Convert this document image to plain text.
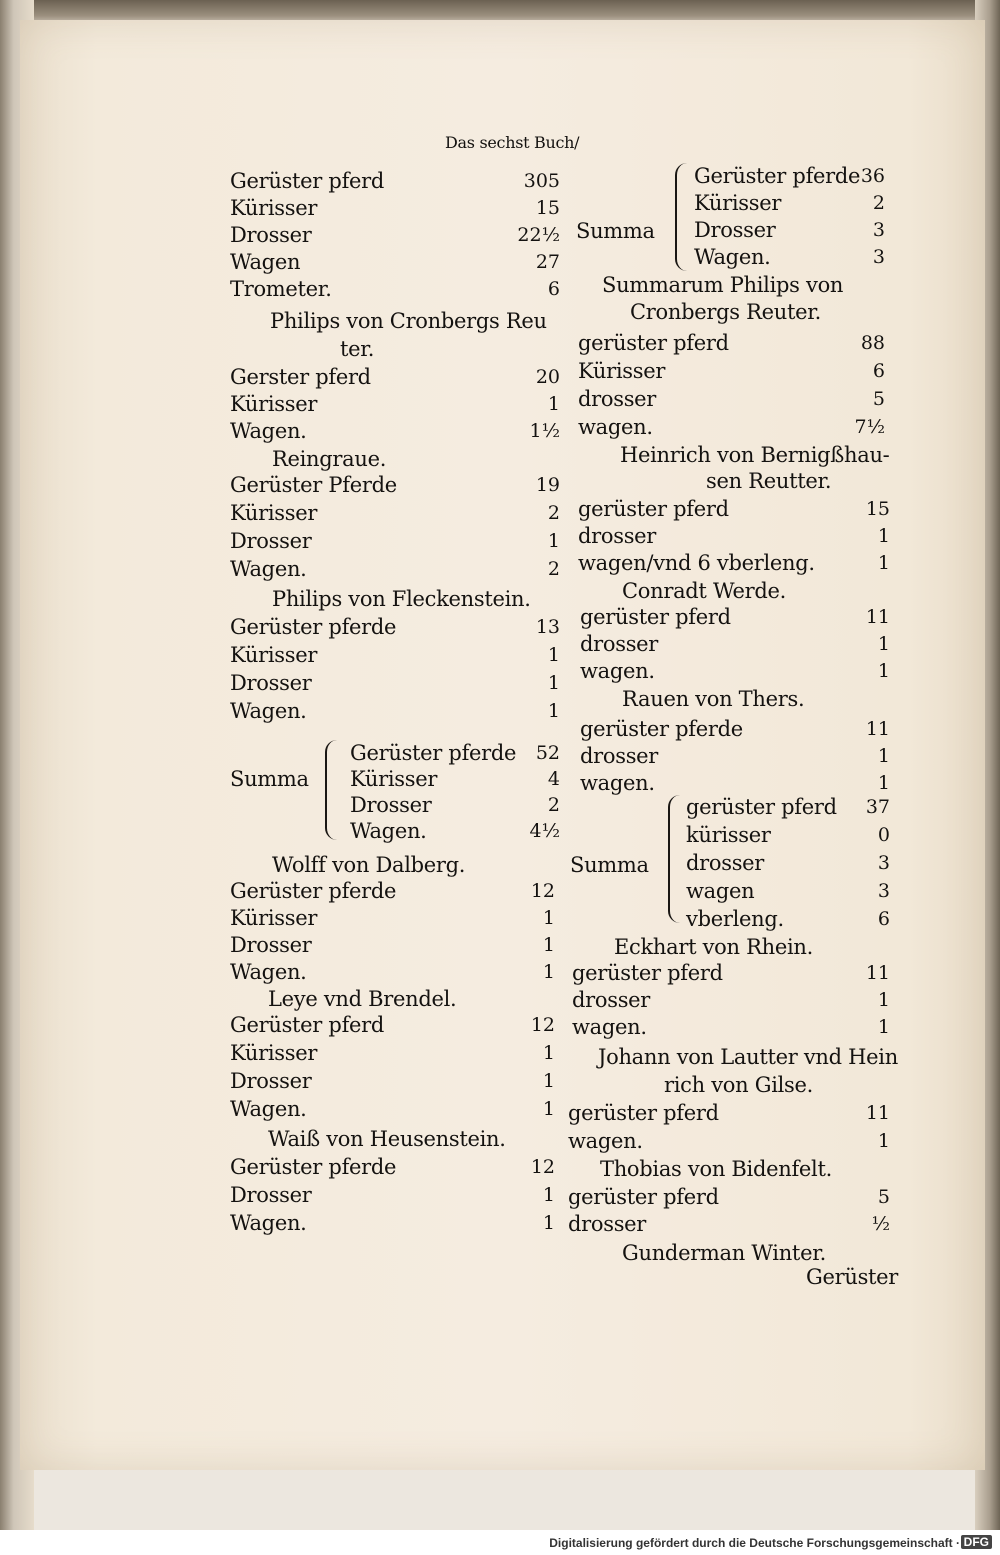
Das sechst Buch/
Gerüster pferd	305
Kürisser	15
Drosser	22½
Wagen	27
Trometer.	6
Philips von Cronbergs Reu
ter.
Gerster pferd	20
Kürisser	1
Wagen.	1½
Reingraue.
Gerüster Pferde	19
Kürisser	2
Drosser	1
Wagen.	2
Philips von Fleckenstein.
Gerüster pferde	13
Kürisser	1
Drosser	1
Wagen.	1
Summa
Gerüster pferde	52
Kürisser	4
Drosser	2
Wagen.	4½
Wolff von Dalberg.
Gerüster pferde	12
Kürisser	1
Drosser	1
Wagen.	1
Leye vnd Brendel.
Gerüster pferd	12
Kürisser	1
Drosser	1
Wagen.	1
Waiß von Heusenstein.
Gerüster pferde	12
Drosser	1
Wagen.	1
Summa
Gerüster pferde 36
Kürisser	2
Drosser	3
Wagen.	3
Summarum Philips von
Cronbergs Reuter.
gerüster pferd	88
Kürisser	6
drosser	5
wagen.	7½
Heinrich von Bernigßhau-
sen Reutter.
gerüster pferd	15
drosser	1
wagen/vnd 6 vberleng.	1
Conradt Werde.
gerüster pferd	11
drosser	1
wagen.	1
Rauen von Thers.
gerüster pferde	11
drosser	1
wagen.	1
Summa
gerüster pferd	37
kürisser	0
drosser	3
wagen	3
vberleng.	6
Eckhart von Rhein.
gerüster pferd	11
drosser	1
wagen.	1
Johann von Lautter vnd Hein
rich von Gilse.
gerüster pferd	11
wagen.	1
Thobias von Bidenfelt.
gerüster pferd	5
drosser	½
Gunderman Winter.
Gerüster
Digitalisierung gefördert durch die Deutsche Forschungsgemeinschaft · DFG
